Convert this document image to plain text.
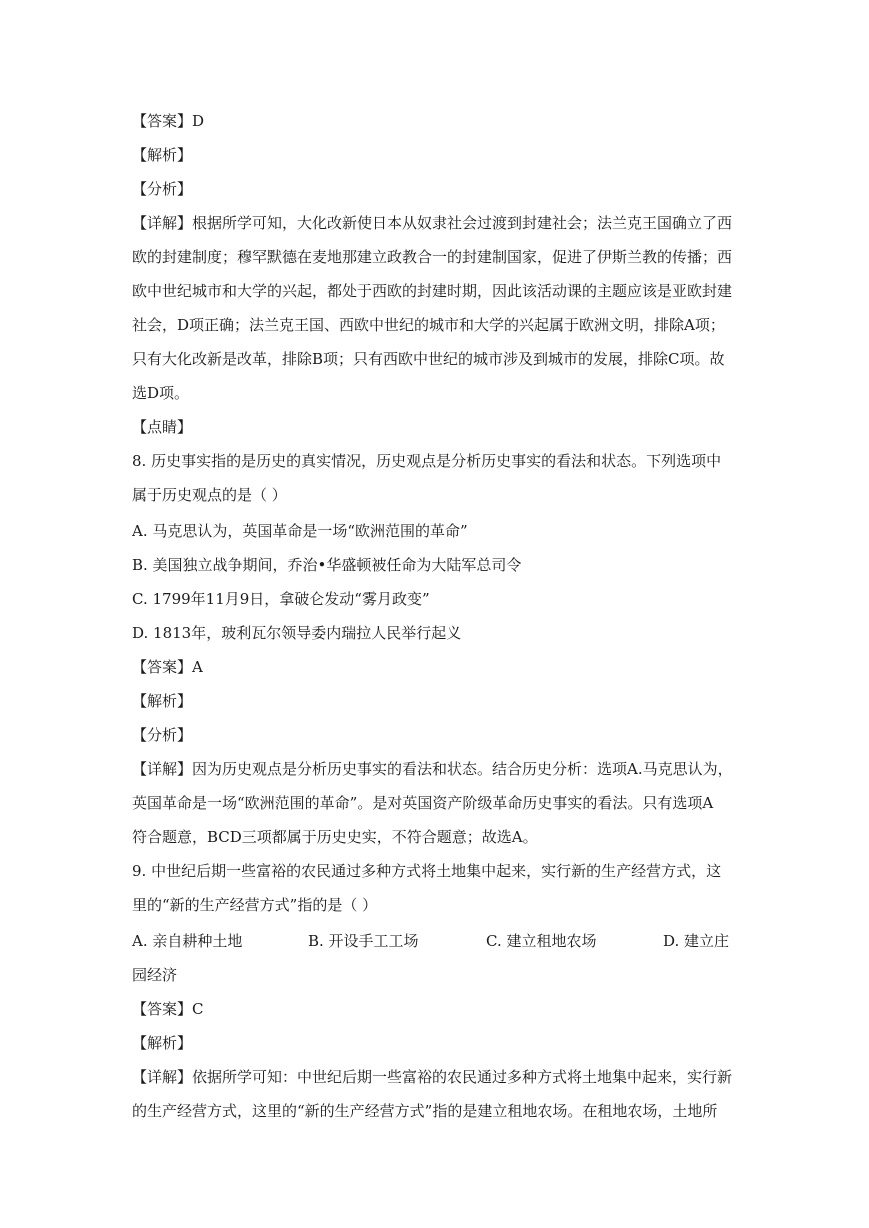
【答案】D
【解析】
【分析】
【详解】根据所学可知，大化改新使日本从奴隶社会过渡到封建社会；法兰克王国确立了西
欧的封建制度；穆罕默德在麦地那建立政教合一的封建制国家，促进了伊斯兰教的传播；西
欧中世纪城市和大学的兴起，都处于西欧的封建时期，因此该活动课的主题应该是亚欧封建
社会，D项正确；法兰克王国、西欧中世纪的城市和大学的兴起属于欧洲文明，排除A项；
只有大化改新是改革，排除B项；只有西欧中世纪的城市涉及到城市的发展，排除C项。故
选D项。
【点睛】
8. 历史事实指的是历史的真实情况，历史观点是分析历史事实的看法和状态。下列选项中
属于历史观点的是（ ）
A. 马克思认为，英国革命是一场“欧洲范围的革命”
B. 美国独立战争期间，乔治•华盛顿被任命为大陆军总司令
C. 1799年11月9日，拿破仑发动“雾月政变”
D. 1813年，玻利瓦尔领导委内瑞拉人民举行起义
【答案】A
【解析】
【分析】
【详解】因为历史观点是分析历史事实的看法和状态。结合历史分析：选项A.马克思认为，
英国革命是一场“欧洲范围的革命”。是对英国资产阶级革命历史事实的看法。只有选项A
符合题意，BCD三项都属于历史史实，不符合题意；故选A。
9. 中世纪后期一些富裕的农民通过多种方式将土地集中起来，实行新的生产经营方式，这
里的“新的生产经营方式”指的是（ ）
A. 亲自耕种土地	B. 开设手工工场	C. 建立租地农场	D. 建立庄
园经济
【答案】C
【解析】
【详解】依据所学可知：中世纪后期一些富裕的农民通过多种方式将土地集中起来，实行新
的生产经营方式，这里的“新的生产经营方式”指的是建立租地农场。在租地农场，土地所
